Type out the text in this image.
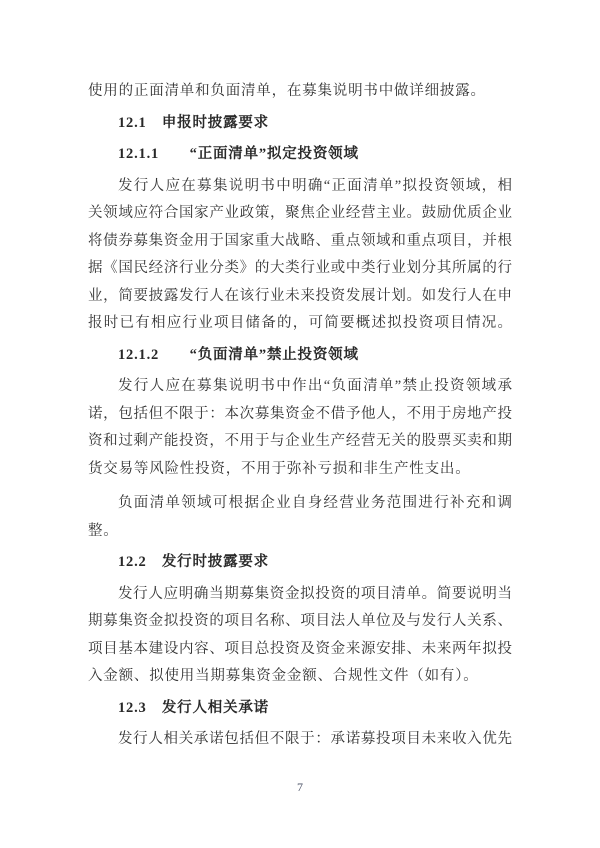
使用的正面清单和负面清单，在募集说明书中做详细披露。
12.1　申报时披露要求
12.1.1　　“正面清单”拟定投资领域
发行人应在募集说明书中明确“正面清单”拟投资领域，相
关领域应符合国家产业政策，聚焦企业经营主业。鼓励优质企业
将债券募集资金用于国家重大战略、重点领域和重点项目，并根
据《国民经济行业分类》的大类行业或中类行业划分其所属的行
业，简要披露发行人在该行业未来投资发展计划。如发行人在申
报时已有相应行业项目储备的，可简要概述拟投资项目情况。
12.1.2　　“负面清单”禁止投资领域
发行人应在募集说明书中作出“负面清单”禁止投资领域承
诺，包括但不限于：本次募集资金不借予他人，不用于房地产投
资和过剩产能投资，不用于与企业生产经营无关的股票买卖和期
货交易等风险性投资，不用于弥补亏损和非生产性支出。
负面清单领域可根据企业自身经营业务范围进行补充和调
整。
12.2　发行时披露要求
发行人应明确当期募集资金拟投资的项目清单。简要说明当
期募集资金拟投资的项目名称、项目法人单位及与发行人关系、
项目基本建设内容、项目总投资及资金来源安排、未来两年拟投
入金额、拟使用当期募集资金金额、合规性文件（如有）。
12.3　发行人相关承诺
发行人相关承诺包括但不限于：承诺募投项目未来收入优先
7
